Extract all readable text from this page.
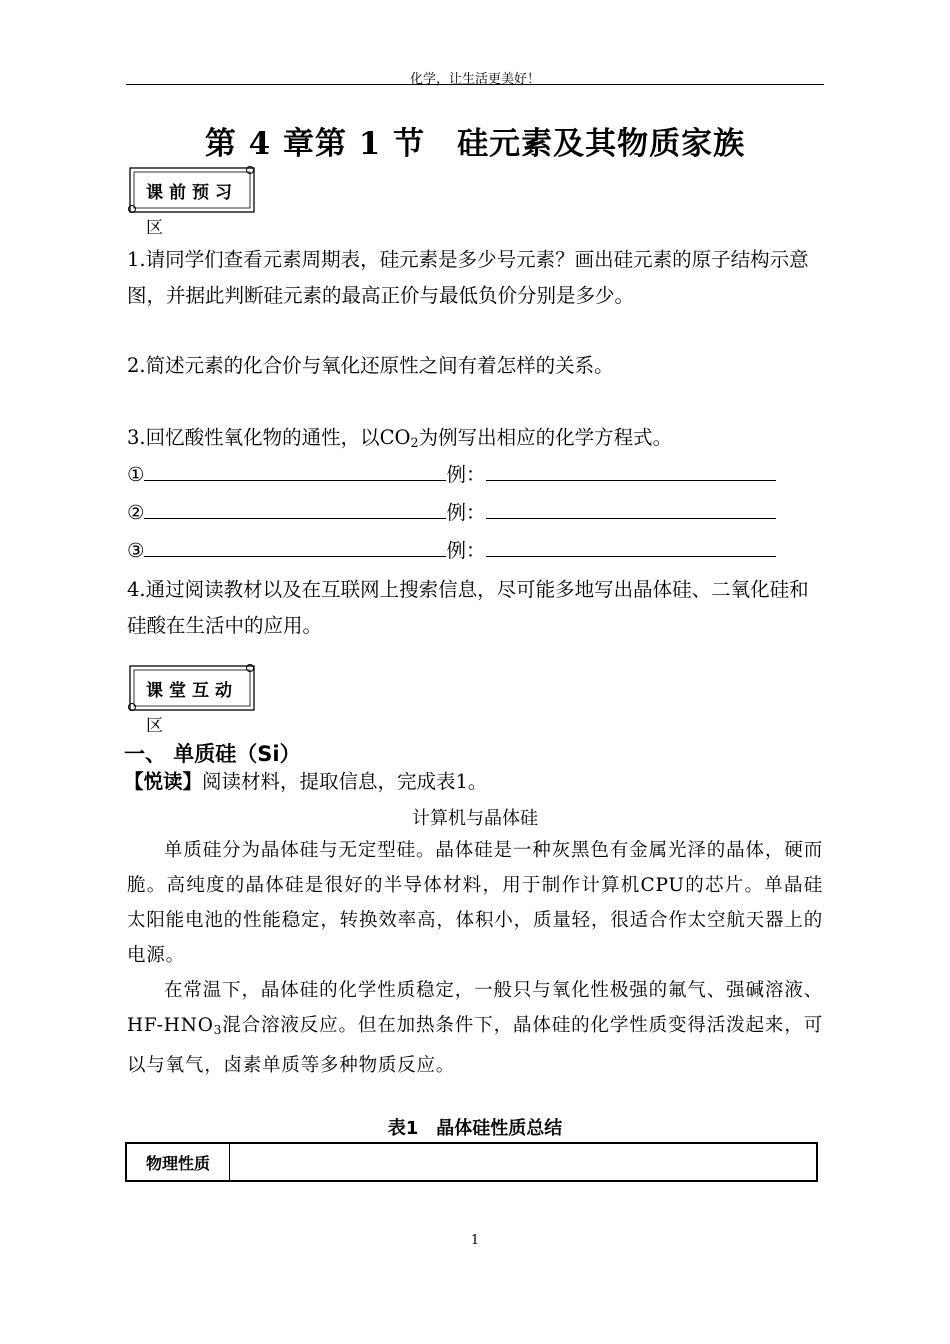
化学，让生活更美好！
第 4 章第 1 节　硅元素及其物质家族
课前预习
区
1.请同学们查看元素周期表，硅元素是多少号元素？画出硅元素的原子结构示意图，并据此判断硅元素的最高正价与最低负价分别是多少。
2.简述元素的化合价与氧化还原性之间有着怎样的关系。
3.回忆酸性氧化物的通性，以$CO_2$为例写出相应的化学方程式。
①	例：
②	例：
③	例：
4.通过阅读教材以及在互联网上搜索信息，尽可能多地写出晶体硅、二氧化硅和硅酸在生活中的应用。
课堂互动
区
一、 单质硅（Si）
【悦读】阅读材料，提取信息，完成表1。
计算机与晶体硅
单质硅分为晶体硅与无定型硅。晶体硅是一种灰黑色有金属光泽的晶体，硬而脆。高纯度的晶体硅是很好的半导体材料，用于制作计算机CPU的芯片。单晶硅太阳能电池的性能稳定，转换效率高，体积小，质量轻，很适合作太空航天器上的电源。
在常温下，晶体硅的化学性质稳定，一般只与氧化性极强的氟气、强碱溶液、$HF-HNO_3$混合溶液反应。但在加热条件下，晶体硅的化学性质变得活泼起来，可以与氧气，卤素单质等多种物质反应。
表1　晶体硅性质总结
物理性质	
1
